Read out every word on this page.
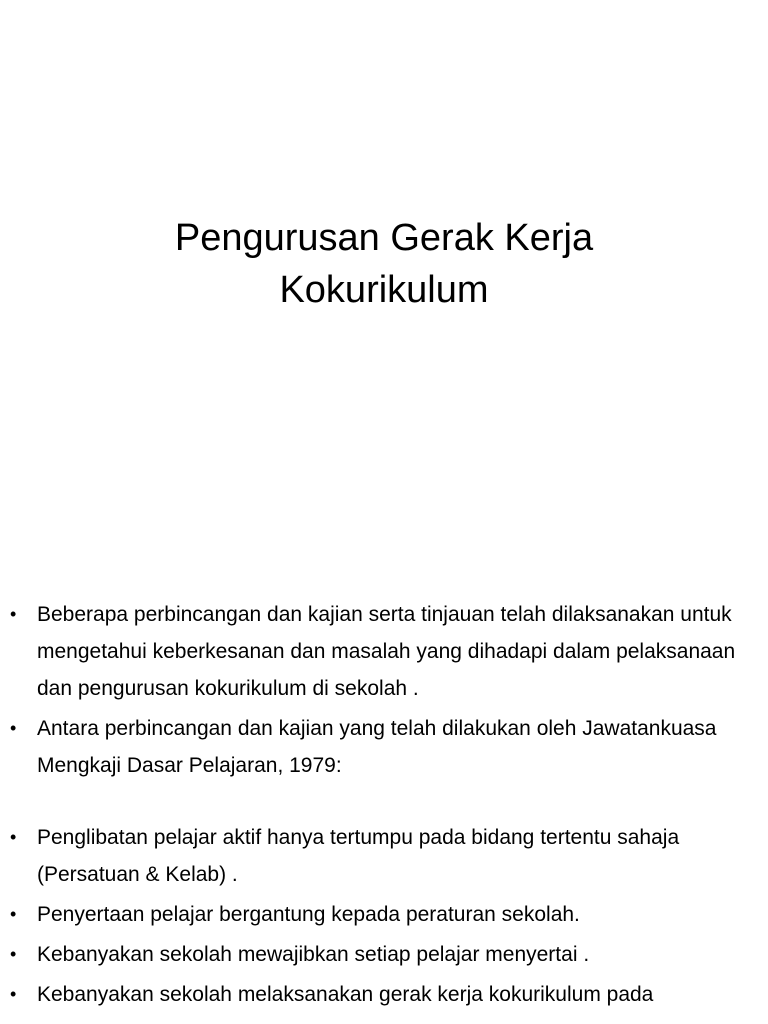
Pengurusan Gerak Kerja
Kokurikulum
• Beberapa perbincangan dan kajian serta tinjauan telah dilaksanakan untuk mengetahui keberkesanan dan masalah yang dihadapi dalam pelaksanaan dan pengurusan kokurikulum di sekolah .
• Antara perbincangan dan kajian yang telah dilakukan oleh Jawatankuasa Mengkaji Dasar Pelajaran, 1979:
• Penglibatan pelajar aktif hanya tertumpu pada bidang tertentu sahaja (Persatuan & Kelab) .
• Penyertaan pelajar bergantung kepada peraturan sekolah.
• Kebanyakan sekolah mewajibkan setiap pelajar menyertai .
• Kebanyakan sekolah melaksanakan gerak kerja kokurikulum pada
